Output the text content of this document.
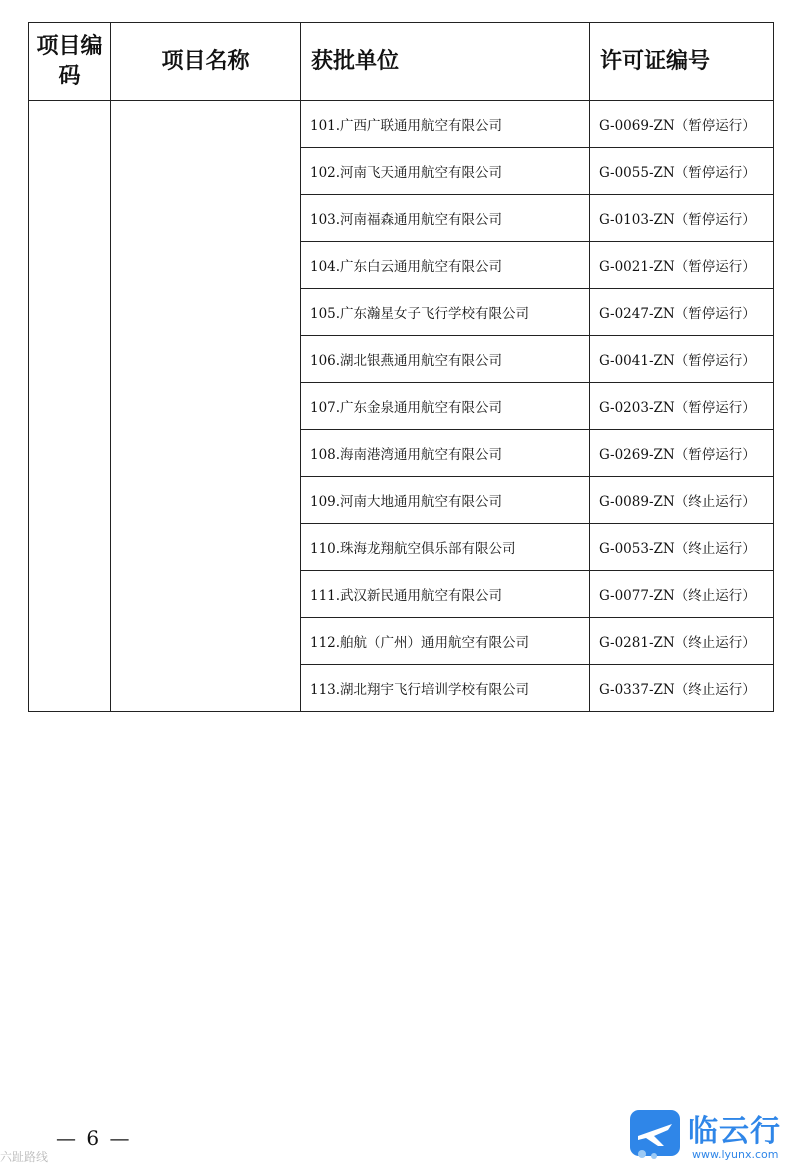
项目编码	项目名称	获批单位	许可证编号
		101.广西广联通用航空有限公司	G-0069-ZN（暂停运行）
		102.河南飞天通用航空有限公司	G-0055-ZN（暂停运行）
		103.河南福森通用航空有限公司	G-0103-ZN（暂停运行）
		104.广东白云通用航空有限公司	G-0021-ZN（暂停运行）
		105.广东瀚星女子飞行学校有限公司	G-0247-ZN（暂停运行）
		106.湖北银燕通用航空有限公司	G-0041-ZN（暂停运行）
		107.广东金泉通用航空有限公司	G-0203-ZN（暂停运行）
		108.海南港湾通用航空有限公司	G-0269-ZN（暂停运行）
		109.河南大地通用航空有限公司	G-0089-ZN（终止运行）
		110.珠海龙翔航空俱乐部有限公司	G-0053-ZN（终止运行）
		111.武汉新民通用航空有限公司	G-0077-ZN（终止运行）
		112.舶航（广州）通用航空有限公司	G-0281-ZN（终止运行）
		113.湖北翔宇飞行培训学校有限公司	G-0337-ZN（终止运行）
— 6 —
六趾路线
临云行
www.lyunx.com
